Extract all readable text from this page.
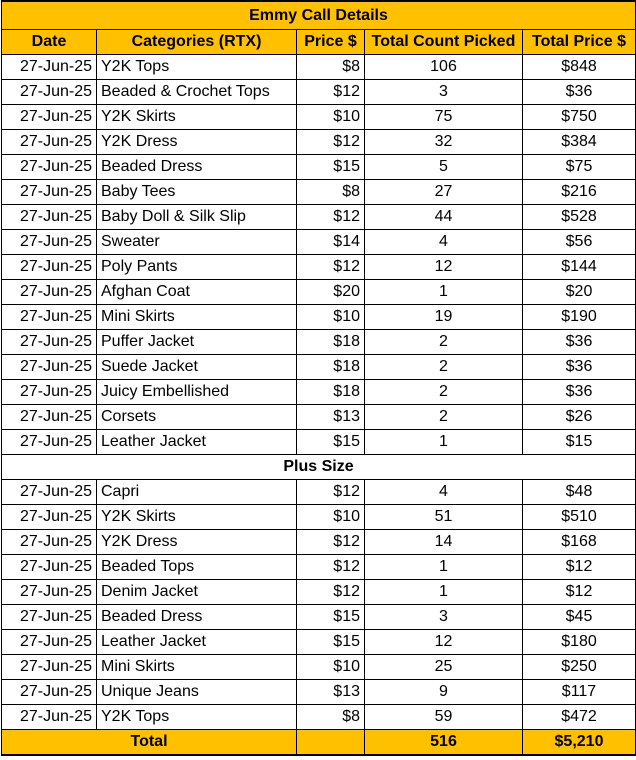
Emmy Call Details				
Date	Categories (RTX)	Price $	Total Count Picked	Total Price $
27-Jun-25	Y2K Tops	$8	106	$848
27-Jun-25	Beaded & Crochet Tops	$12	3	$36
27-Jun-25	Y2K Skirts	$10	75	$750
27-Jun-25	Y2K Dress	$12	32	$384
27-Jun-25	Beaded Dress	$15	5	$75
27-Jun-25	Baby Tees	$8	27	$216
27-Jun-25	Baby Doll & Silk Slip	$12	44	$528
27-Jun-25	Sweater	$14	4	$56
27-Jun-25	Poly Pants	$12	12	$144
27-Jun-25	Afghan Coat	$20	1	$20
27-Jun-25	Mini Skirts	$10	19	$190
27-Jun-25	Puffer Jacket	$18	2	$36
27-Jun-25	Suede Jacket	$18	2	$36
27-Jun-25	Juicy Embellished	$18	2	$36
27-Jun-25	Corsets	$13	2	$26
27-Jun-25	Leather Jacket	$15	1	$15
Plus Size				
27-Jun-25	Capri	$12	4	$48
27-Jun-25	Y2K Skirts	$10	51	$510
27-Jun-25	Y2K Dress	$12	14	$168
27-Jun-25	Beaded Tops	$12	1	$12
27-Jun-25	Denim Jacket	$12	1	$12
27-Jun-25	Beaded Dress	$15	3	$45
27-Jun-25	Leather Jacket	$15	12	$180
27-Jun-25	Mini Skirts	$10	25	$250
27-Jun-25	Unique Jeans	$13	9	$117
27-Jun-25	Y2K Tops	$8	59	$472
Total			516	$5,210
